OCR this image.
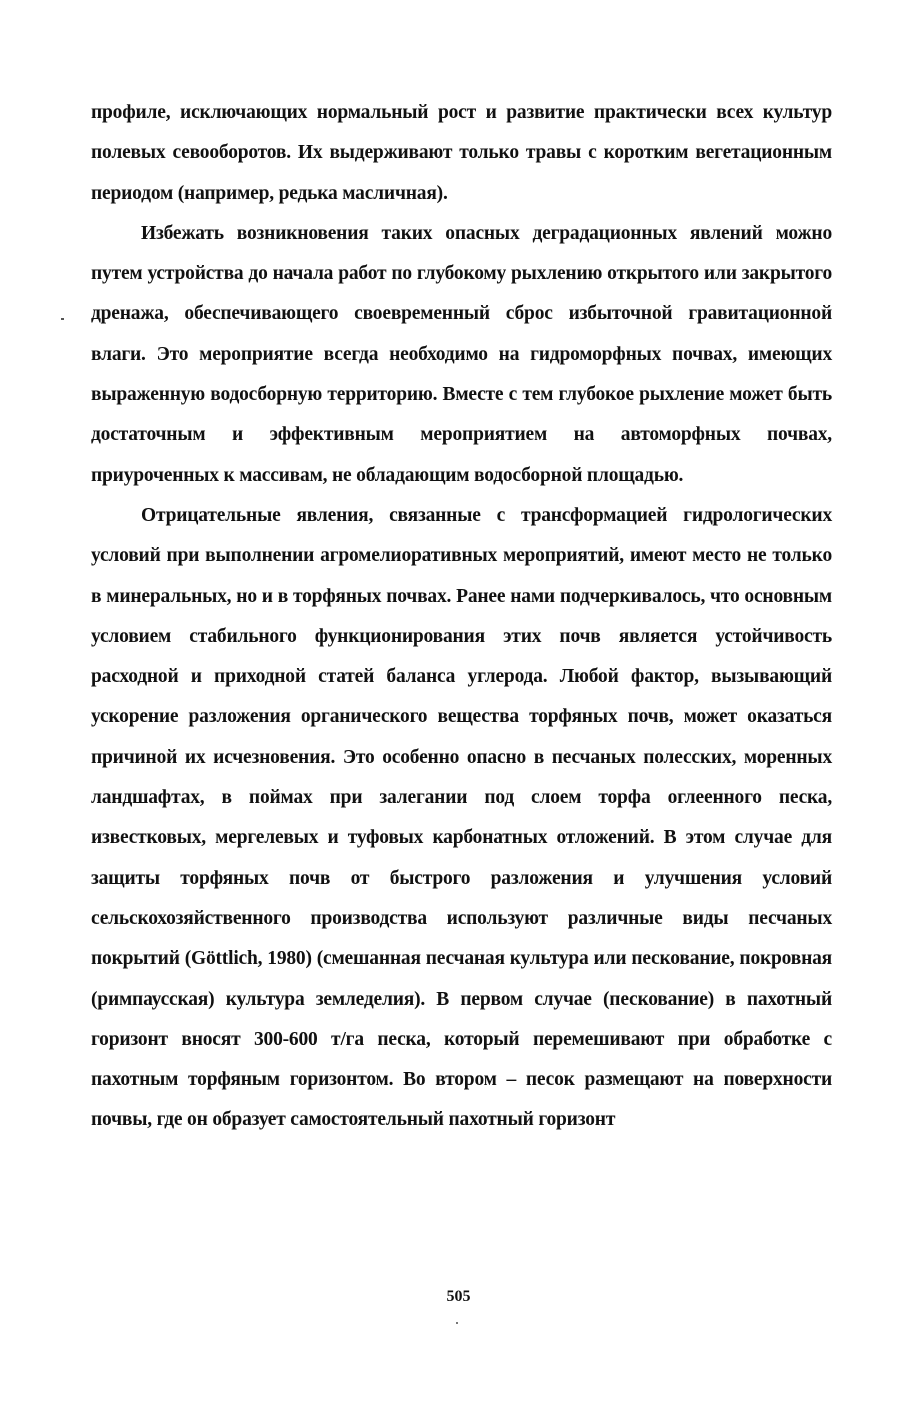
профиле, исключающих нормальный рост и развитие практически всех культур полевых севооборотов. Их выдерживают только травы с коротким вегетационным периодом (например, редька масличная).

Избежать возникновения таких опасных деградационных явлений можно путем устройства до начала работ по глубокому рыхлению открытого или закрытого дренажа, обеспечивающего своевременный сброс избыточной гравитационной влаги. Это мероприятие всегда необходимо на гидроморфных почвах, имеющих выраженную водосборную территорию. Вместе с тем глубокое рыхление может быть достаточным и эффективным мероприятием на автоморфных почвах, приуроченных к массивам, не обладающим водосборной площадью.

Отрицательные явления, связанные с трансформацией гидрологических условий при выполнении агромелиоративных мероприятий, имеют место не только в минеральных, но и в торфяных почвах. Ранее нами подчеркивалось, что основным условием стабильного функционирования этих почв является устойчивость расходной и приходной статей баланса углерода. Любой фактор, вызывающий ускорение разложения органического вещества торфяных почв, может оказаться причиной их исчезновения. Это особенно опасно в песчаных полесских, моренных ландшафтах, в поймах при залегании под слоем торфа оглеенного песка, известковых, мергелевых и туфовых карбонатных отложений. В этом случае для защиты торфяных почв от быстрого разложения и улучшения условий сельскохозяйственного производства используют различные виды песчаных покрытий (Göttlich, 1980) (смешанная песчаная культура или пескование, покровная (римпаусская) культура земледелия). В первом случае (пескование) в пахотный горизонт вносят 300-600 т/га песка, который перемешивают при обработке с пахотным торфяным горизонтом. Во втором – песок размещают на поверхности почвы, где он образует самостоятельный пахотный горизонт

505
